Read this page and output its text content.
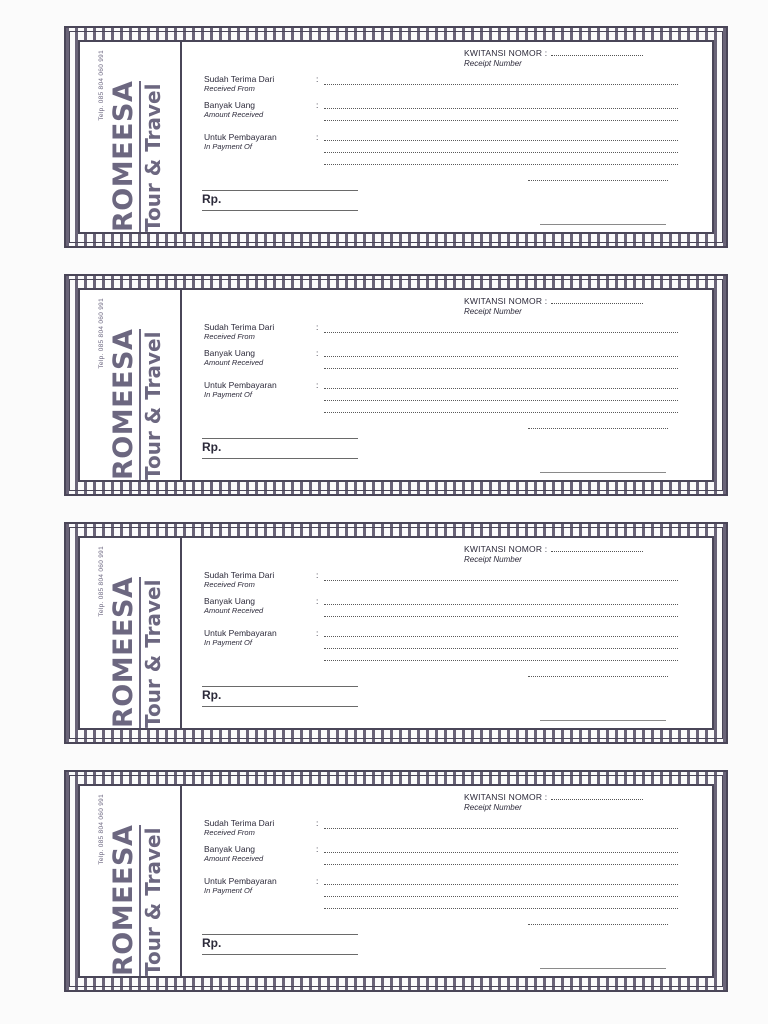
ROMEESA Tour & Travel
Telp. 085 804 060 991	KWITANSI NOMOR :
Receipt Number
Sudah Terima Dari
Received From
:
Banyak Uang
Amount Received
:
Untuk Pembayaran
In Payment Of
:
Rp.
ROMEESA Tour & Travel
Telp. 085 804 060 991	KWITANSI NOMOR :
Receipt Number
Sudah Terima Dari
Received From
:
Banyak Uang
Amount Received
:
Untuk Pembayaran
In Payment Of
:
Rp.
ROMEESA Tour & Travel
Telp. 085 804 060 991	KWITANSI NOMOR :
Receipt Number
Sudah Terima Dari
Received From
:
Banyak Uang
Amount Received
:
Untuk Pembayaran
In Payment Of
:
Rp.
ROMEESA Tour & Travel
Telp. 085 804 060 991	KWITANSI NOMOR :
Receipt Number
Sudah Terima Dari
Received From
:
Banyak Uang
Amount Received
:
Untuk Pembayaran
In Payment Of
:
Rp.
